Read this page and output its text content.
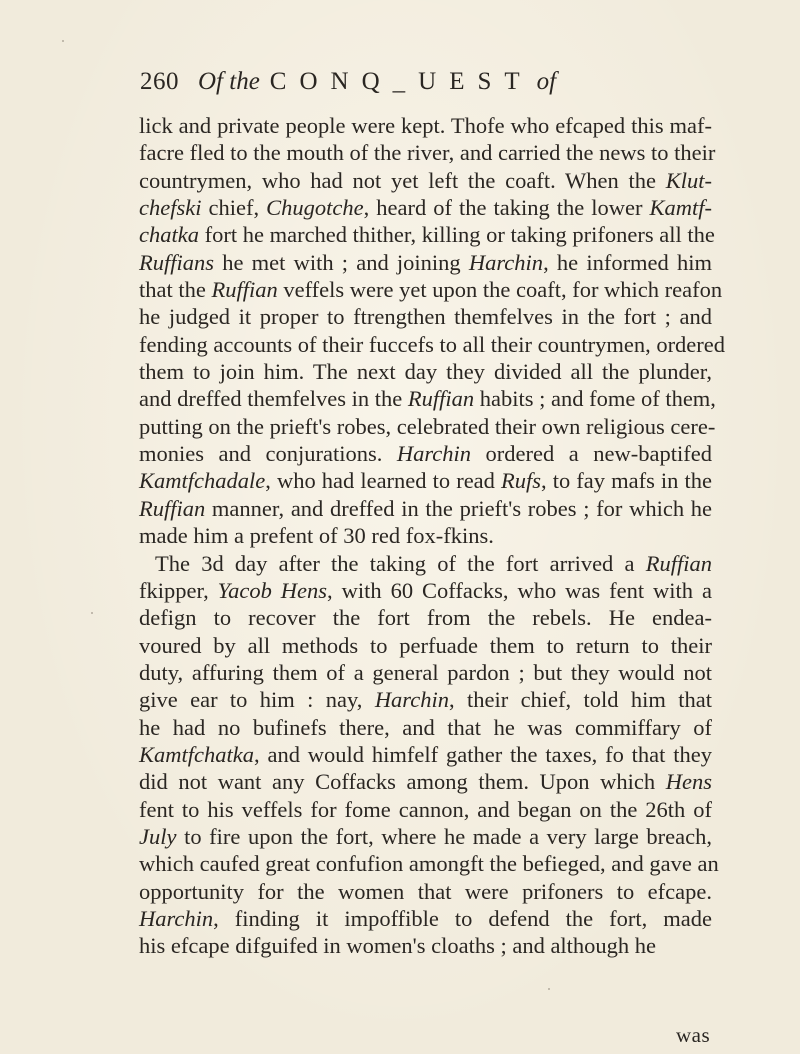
260 Of the CONQ_UEST of
lick and private people were kept. Thofe who efcaped this maf-
facre fled to the mouth of the river, and carried the news to their
countrymen, who had not yet left the coaft. When the Klut-
chefski chief, Chugotche, heard of the taking the lower Kamtf-
chatka fort he marched thither, killing or taking prifoners all the
Ruffians he met with ; and joining Harchin, he informed him
that the Ruffian veffels were yet upon the coaft, for which reafon
he judged it proper to ftrengthen themfelves in the fort ; and
fending accounts of their fuccefs to all their countrymen, ordered
them to join him. The next day they divided all the plunder,
and dreffed themfelves in the Ruffian habits ; and fome of them,
putting on the prieft's robes, celebrated their own religious cere-
monies and conjurations. Harchin ordered a new-baptifed
Kamtfchadale, who had learned to read Rufs, to fay mafs in the
Ruffian manner, and dreffed in the prieft's robes ; for which he
made him a prefent of 30 red fox-fkins.
The 3d day after the taking of the fort arrived a Ruffian
fkipper, Yacob Hens, with 60 Coffacks, who was fent with a
defign to recover the fort from the rebels. He endea-
voured by all methods to perfuade them to return to their
duty, affuring them of a general pardon ; but they would not
give ear to him : nay, Harchin, their chief, told him that
he had no bufinefs there, and that he was commiffary of
Kamtfchatka, and would himfelf gather the taxes, fo that they
did not want any Coffacks among them. Upon which Hens
fent to his veffels for fome cannon, and began on the 26th of
July to fire upon the fort, where he made a very large breach,
which caufed great confufion amongft the befieged, and gave an
opportunity for the women that were prifoners to efcape.
Harchin, finding it impoffible to defend the fort, made
his efcape difguifed in women's cloaths ; and although he
was
